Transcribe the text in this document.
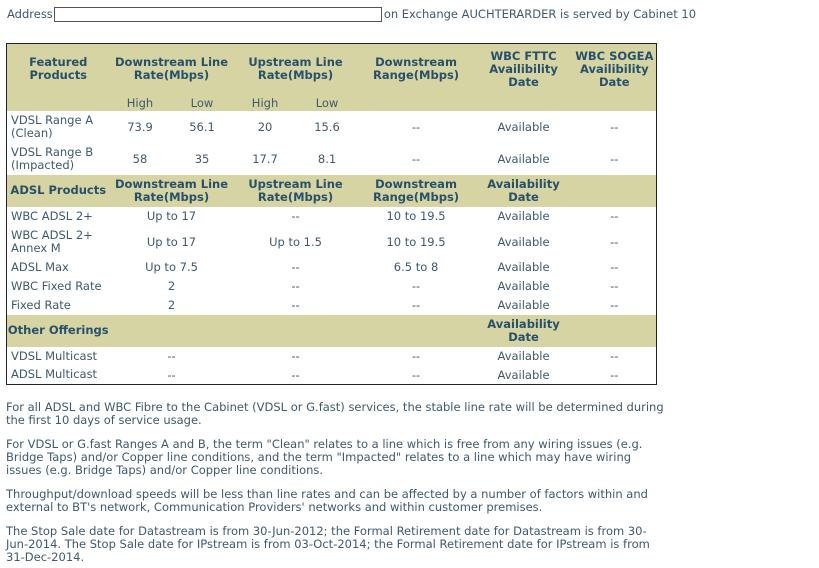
Address	on Exchange AUCHTERARDER is served by Cabinet 10
Featured Products	Downstream Line Rate(Mbps)		Upstream Line Rate(Mbps)		Downstream Range(Mbps)	WBC FTTC Availibility Date	WBC SOGEA Availibility Date
	High	Low	High	Low			
VDSL Range A (Clean)	73.9	56.1	20	15.6	--	Available	--
VDSL Range B (Impacted)	58	35	17.7	8.1	--	Available	--
ADSL Products	Downstream Line Rate(Mbps)		Upstream Line Rate(Mbps)		Downstream Range(Mbps)	Availability Date	
WBC ADSL 2+	Up to 17		--		10 to 19.5	Available	--
WBC ADSL 2+ Annex M	Up to 17		Up to 1.5		10 to 19.5	Available	--
ADSL Max	Up to 7.5		--		6.5 to 8	Available	--
WBC Fixed Rate	2		--		--	Available	--
Fixed Rate	2		--		--	Available	--
Other Offerings						Availability Date	
VDSL Multicast	--		--		--	Available	--
ADSL Multicast	--		--		--	Available	--

For all ADSL and WBC Fibre to the Cabinet (VDSL or G.fast) services, the stable line rate will be determined during the first 10 days of service usage.

For VDSL or G.fast Ranges A and B, the term "Clean" relates to a line which is free from any wiring issues (e.g. Bridge Taps) and/or Copper line conditions, and the term "Impacted" relates to a line which may have wiring issues (e.g. Bridge Taps) and/or Copper line conditions.

Throughput/download speeds will be less than line rates and can be affected by a number of factors within and external to BT's network, Communication Providers' networks and within customer premises.

The Stop Sale date for Datastream is from 30-Jun-2012; the Formal Retirement date for Datastream is from 30-Jun-2014. The Stop Sale date for IPstream is from 03-Oct-2014; the Formal Retirement date for IPstream is from 31-Dec-2014.
